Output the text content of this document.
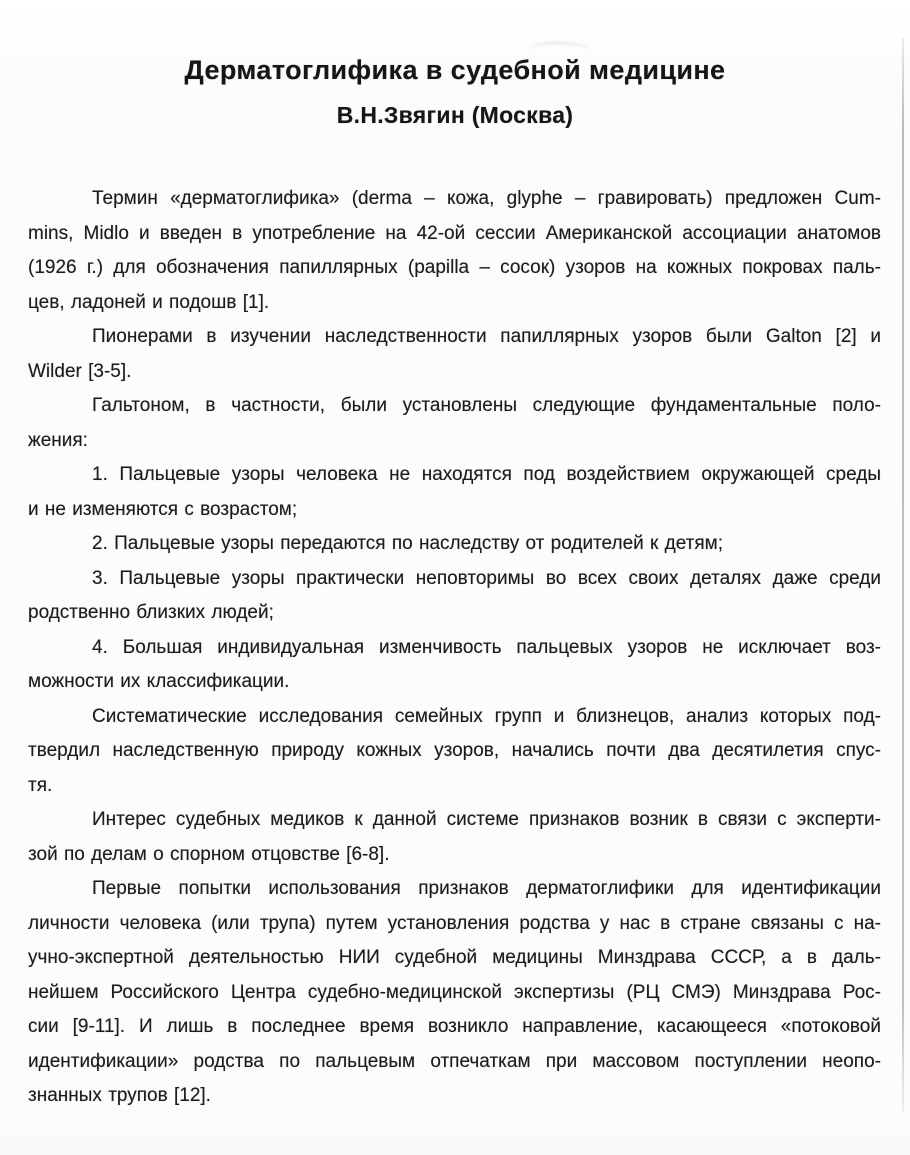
Дерматоглифика в судебной медицине
В.Н.Звягин (Москва)
Термин «дерматоглифика» (derma – кожа, glyphe – гравировать) предложен Cum-
mins, Midlo и введен в употребление на 42-ой сессии Американской ассоциации анатомов
(1926 г.) для обозначения папиллярных (papilla – сосок) узоров на кожных покровах паль-
цев, ладоней и подошв [1].
Пионерами в изучении наследственности папиллярных узоров были Galton [2] и
Wilder [3-5].
Гальтоном, в частности, были установлены следующие фундаментальные поло-
жения:
1. Пальцевые узоры человека не находятся под воздействием окружающей среды
и не изменяются с возрастом;
2. Пальцевые узоры передаются по наследству от родителей к детям;
3. Пальцевые узоры практически неповторимы во всех своих деталях даже среди
родственно близких людей;
4. Большая индивидуальная изменчивость пальцевых узоров не исключает воз-
можности их классификации.
Систематические исследования семейных групп и близнецов, анализ которых под-
твердил наследственную природу кожных узоров, начались почти два десятилетия спус-
тя.
Интерес судебных медиков к данной системе признаков возник в связи с эксперти-
зой по делам о спорном отцовстве [6-8].
Первые попытки использования признаков дерматоглифики для идентификации
личности человека (или трупа) путем установления родства у нас в стране связаны с на-
учно-экспертной деятельностью НИИ судебной медицины Минздрава СССР, а в даль-
нейшем Российского Центра судебно-медицинской экспертизы (РЦ СМЭ) Минздрава Рос-
сии [9-11]. И лишь в последнее время возникло направление, касающееся «потоковой
идентификации» родства по пальцевым отпечаткам при массовом поступлении неопо-
знанных трупов [12].
